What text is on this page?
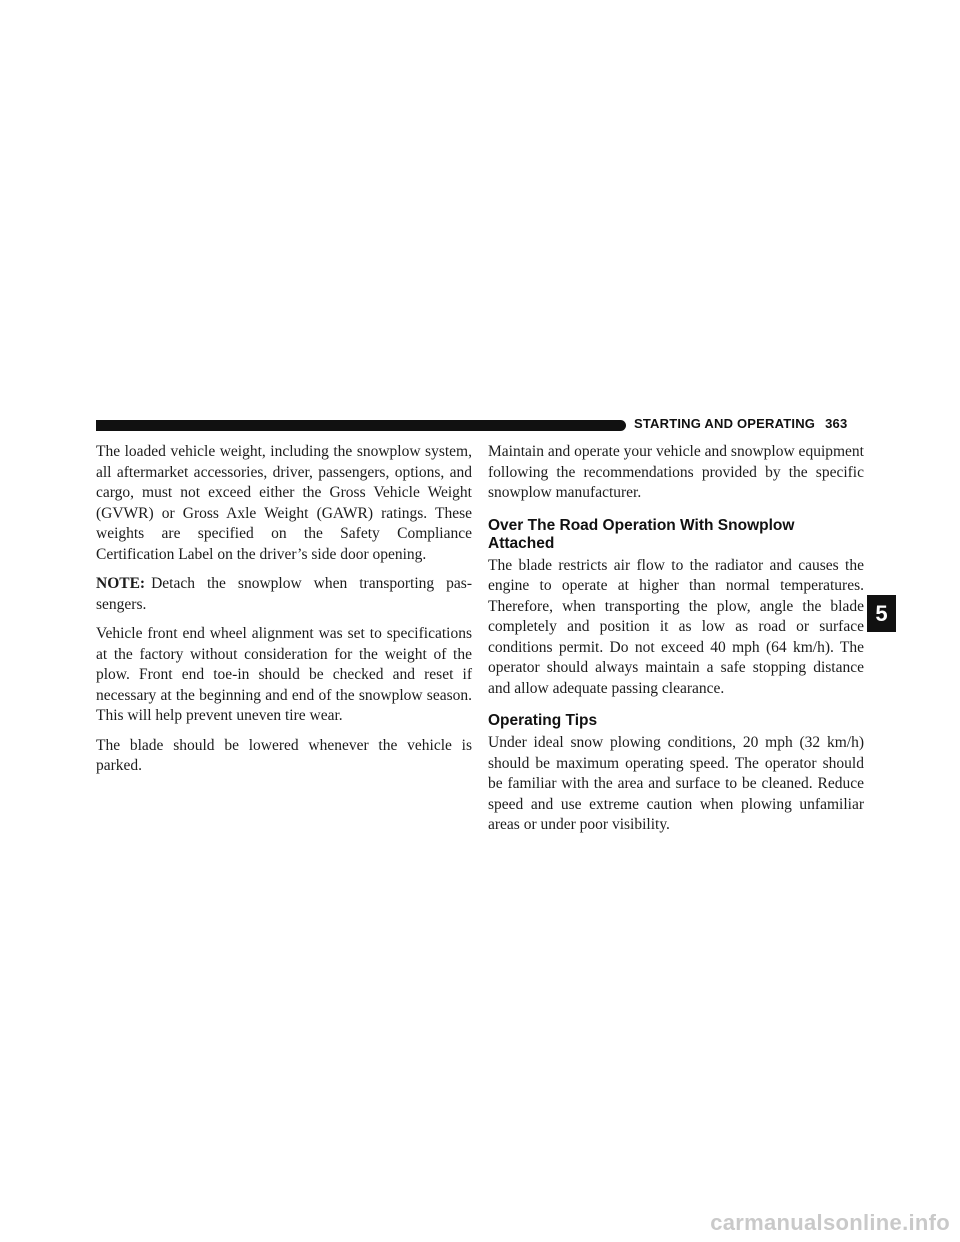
STARTING AND OPERATING 363

The loaded vehicle weight, including the snowplow system, all aftermarket accessories, driver, passengers, options, and cargo, must not exceed either the Gross Vehicle Weight (GVWR) or Gross Axle Weight (GAWR) ratings. These weights are specified on the Safety Compliance Certification Label on the driver’s side door opening.

NOTE: Detach the snowplow when transporting passengers.

Vehicle front end wheel alignment was set to specifications at the factory without consideration for the weight of the plow. Front end toe-in should be checked and reset if necessary at the beginning and end of the snowplow season. This will help prevent uneven tire wear.

The blade should be lowered whenever the vehicle is parked.

Maintain and operate your vehicle and snowplow equipment following the recommendations provided by the specific snowplow manufacturer.

Over The Road Operation With Snowplow Attached

The blade restricts air flow to the radiator and causes the engine to operate at higher than normal temperatures. Therefore, when transporting the plow, angle the blade completely and position it as low as road or surface conditions permit. Do not exceed 40 mph (64 km/h). The operator should always maintain a safe stopping distance and allow adequate passing clearance.

Operating Tips

Under ideal snow plowing conditions, 20 mph (32 km/h) should be maximum operating speed. The operator should be familiar with the area and surface to be cleaned. Reduce speed and use extreme caution when plowing unfamiliar areas or under poor visibility.

5
carmanualsonline.info
